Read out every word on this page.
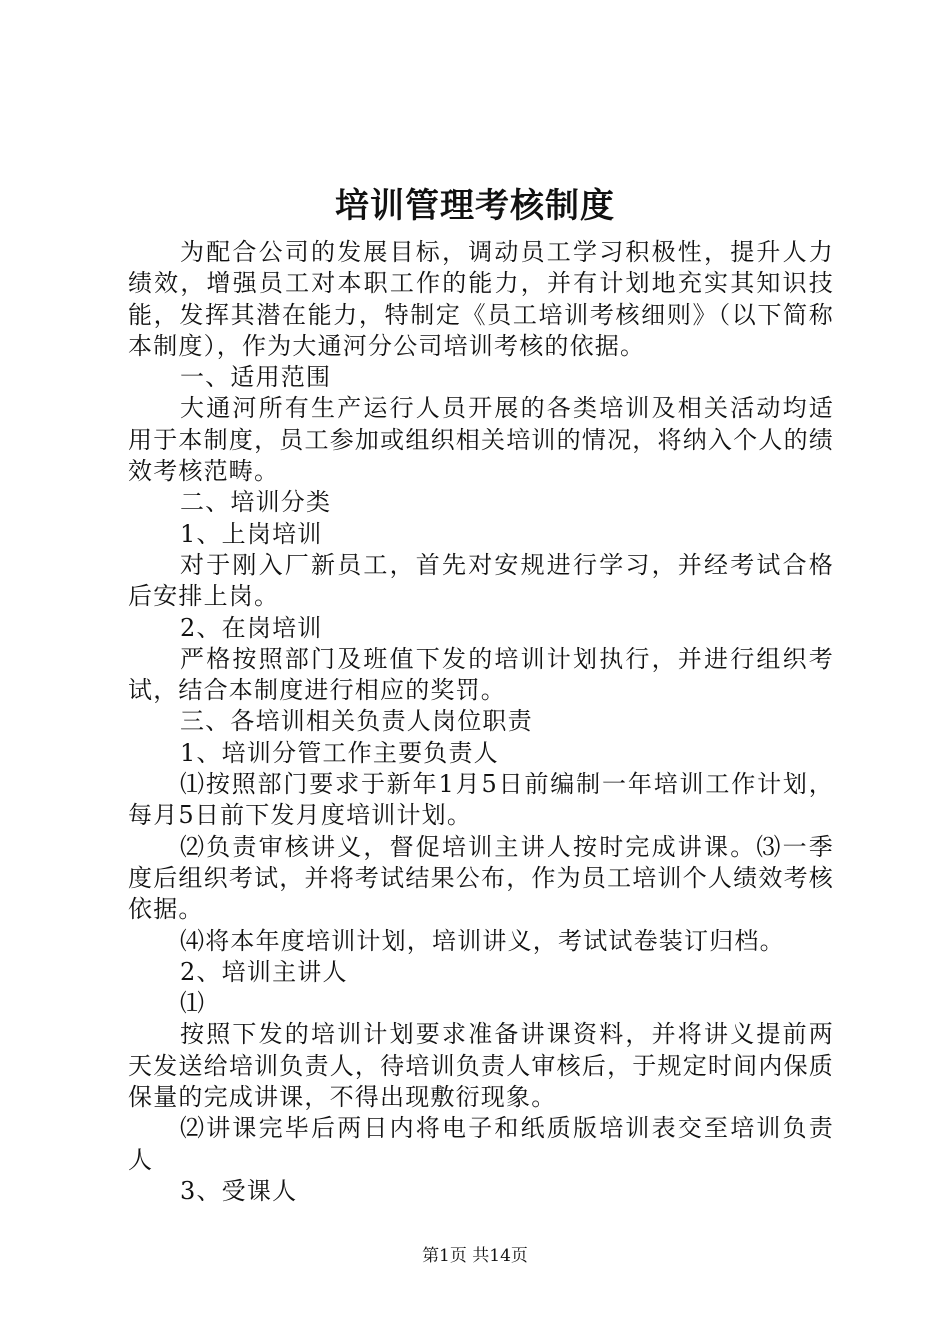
培训管理考核制度

为配合公司的发展目标，调动员工学习积极性，提升人力绩效，增强员工对本职工作的能力，并有计划地充实其知识技能，发挥其潜在能力，特制定《员工培训考核细则》（以下简称本制度），作为大通河分公司培训考核的依据。

一、适用范围

大通河所有生产运行人员开展的各类培训及相关活动均适用于本制度，员工参加或组织相关培训的情况，将纳入个人的绩效考核范畴。

二、培训分类

1、上岗培训

对于刚入厂新员工，首先对安规进行学习，并经考试合格后安排上岗。

2、在岗培训

严格按照部门及班值下发的培训计划执行，并进行组织考试，结合本制度进行相应的奖罚。

三、各培训相关负责人岗位职责

1、培训分管工作主要负责人

⑴按照部门要求于新年1月5日前编制一年培训工作计划，每月5日前下发月度培训计划。

⑵负责审核讲义，督促培训主讲人按时完成讲课。⑶一季度后组织考试，并将考试结果公布，作为员工培训个人绩效考核依据。

⑷将本年度培训计划，培训讲义，考试试卷装订归档。

2、培训主讲人

⑴

按照下发的培训计划要求准备讲课资料，并将讲义提前两天发送给培训负责人，待培训负责人审核后，于规定时间内保质保量的完成讲课，不得出现敷衍现象。

⑵讲课完毕后两日内将电子和纸质版培训表交至培训负责人

3、受课人

第1页 共14页
